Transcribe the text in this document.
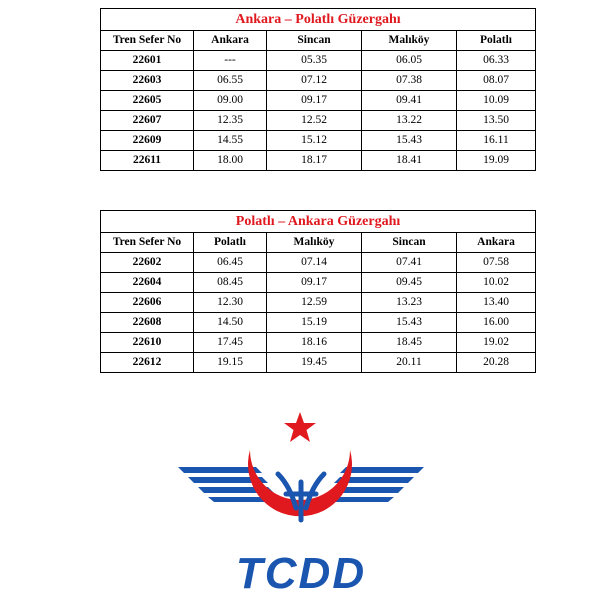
Ankara – Polatlı Güzergahı				
Tren Sefer No	Ankara	Sincan	Malıköy	Polatlı
22601	---	05.35	06.05	06.33
22603	06.55	07.12	07.38	08.07
22605	09.00	09.17	09.41	10.09
22607	12.35	12.52	13.22	13.50
22609	14.55	15.12	15.43	16.11
22611	18.00	18.17	18.41	19.09
Polatlı – Ankara Güzergahı				
Tren Sefer No	Polatlı	Malıköy	Sincan	Ankara
22602	06.45	07.14	07.41	07.58
22604	08.45	09.17	09.45	10.02
22606	12.30	12.59	13.23	13.40
22608	14.50	15.19	15.43	16.00
22610	17.45	18.16	18.45	19.02
22612	19.15	19.45	20.11	20.28
TCDD
